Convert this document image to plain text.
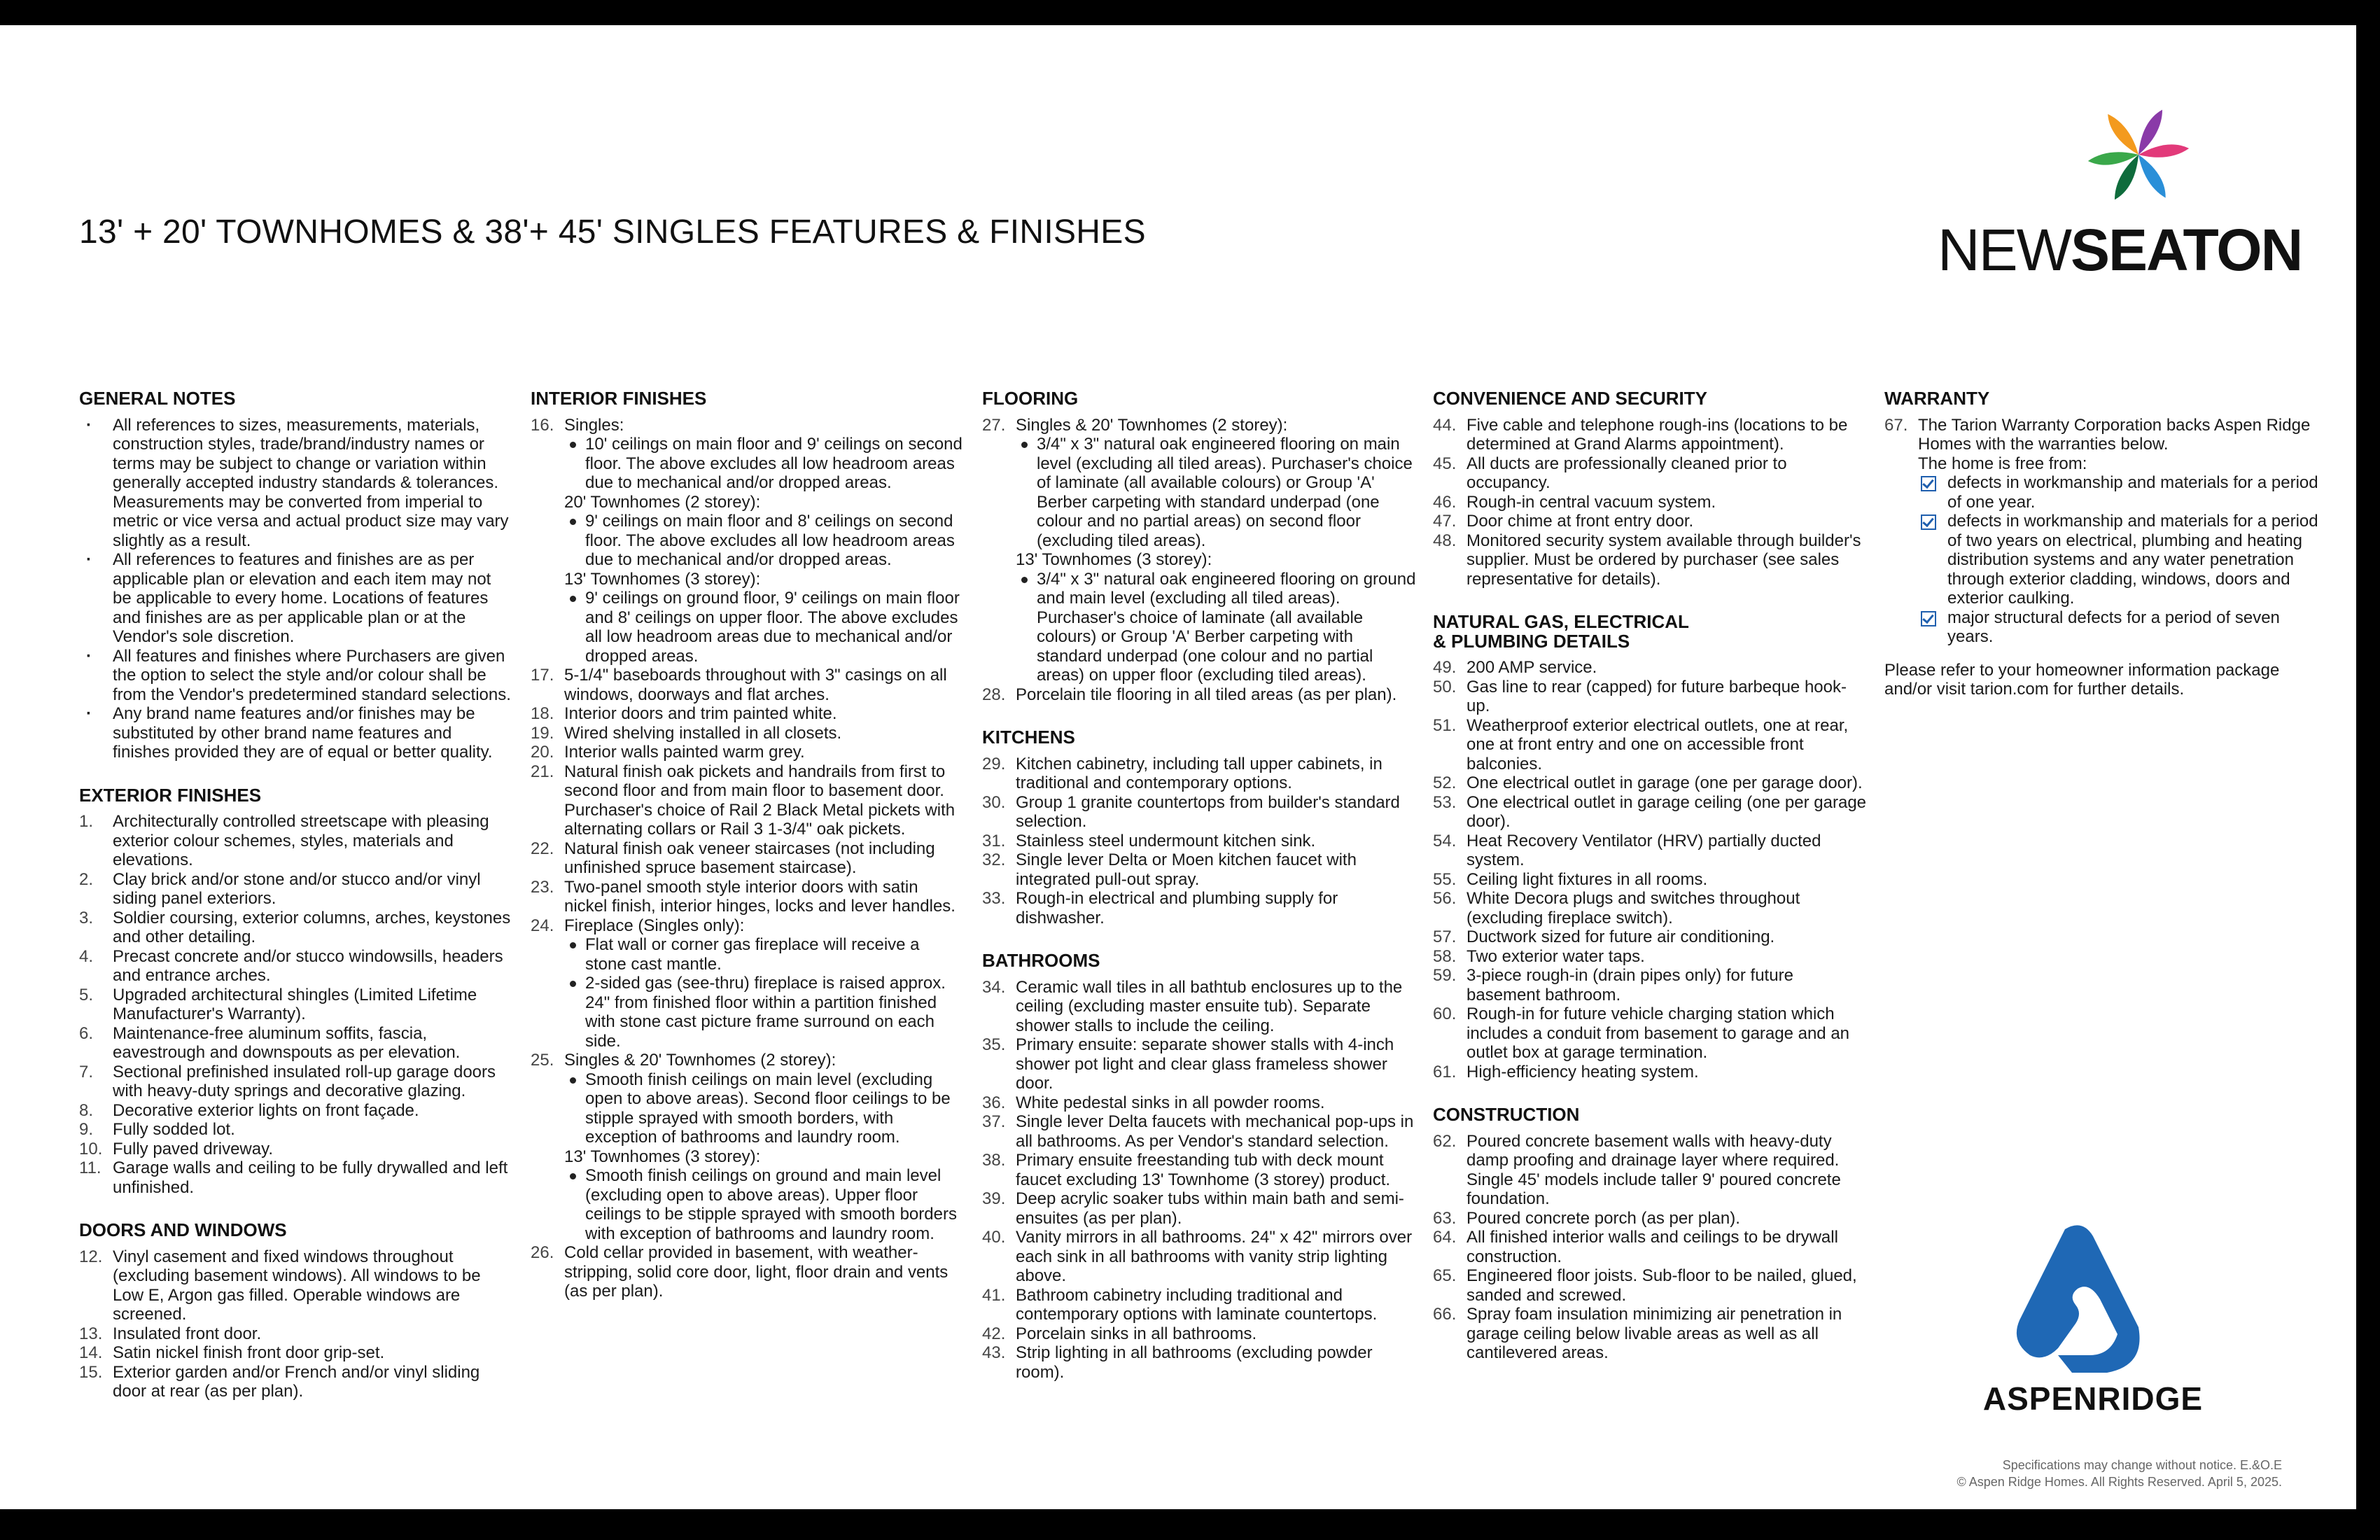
13' + 20' TOWNHOMES & 38'+ 45' SINGLES FEATURES & FINISHES	NEWSEATON
ASPENRIDGE
GENERAL NOTES
· All references to sizes, measurements, materials, construction styles, trade/brand/industry names or terms may be subject to change or variation within generally accepted industry standards & tolerances. Measurements may be converted from imperial to metric or vice versa and actual product size may vary slightly as a result.
· All references to features and finishes are as per applicable plan or elevation and each item may not be applicable to every home. Locations of features and finishes are as per applicable plan or at the Vendor's sole discretion.
· All features and finishes where Purchasers are given the option to select the style and/or colour shall be from the Vendor's predetermined standard selections.
· Any brand name features and/or finishes may be substituted by other brand name features and finishes provided they are of equal or better quality.
EXTERIOR FINISHES
1. Architecturally controlled streetscape with pleasing exterior colour schemes, styles, materials and elevations.
2. Clay brick and/or stone and/or stucco and/or vinyl siding panel exteriors.
3. Soldier coursing, exterior columns, arches, keystones and other detailing.
4. Precast concrete and/or stucco windowsills, headers and entrance arches.
5. Upgraded architectural shingles (Limited Lifetime Manufacturer's Warranty).
6. Maintenance-free aluminum soffits, fascia, eavestrough and downspouts as per elevation.
7. Sectional prefinished insulated roll-up garage doors with heavy-duty springs and decorative glazing.
8. Decorative exterior lights on front façade.
9. Fully sodded lot.
10. Fully paved driveway.
11. Garage walls and ceiling to be fully drywalled and left unfinished.
DOORS AND WINDOWS
12. Vinyl casement and fixed windows throughout (excluding basement windows). All windows to be Low E, Argon gas filled. Operable windows are screened.
13. Insulated front door.
14. Satin nickel finish front door grip-set.
15. Exterior garden and/or French and/or vinyl sliding door at rear (as per plan).
INTERIOR FINISHES
16. Singles:
10' ceilings on main floor and 9' ceilings on second floor. The above excludes all low headroom areas due to mechanical and/or dropped areas.
20' Townhomes (2 storey):
9' ceilings on main floor and 8' ceilings on second floor. The above excludes all low headroom areas due to mechanical and/or dropped areas.
13' Townhomes (3 storey):
9' ceilings on ground floor, 9' ceilings on main floor and 8' ceilings on upper floor. The above excludes all low headroom areas due to mechanical and/or dropped areas.
17. 5-1/4" baseboards throughout with 3" casings on all windows, doorways and flat arches.
18. Interior doors and trim painted white.
19. Wired shelving installed in all closets.
20. Interior walls painted warm grey.
21. Natural finish oak pickets and handrails from first to second floor and from main floor to basement door. Purchaser's choice of Rail 2 Black Metal pickets with alternating collars or Rail 3 1-3/4" oak pickets.
22. Natural finish oak veneer staircases (not including unfinished spruce basement staircase).
23. Two-panel smooth style interior doors with satin nickel finish, interior hinges, locks and lever handles.
24. Fireplace (Singles only):
Flat wall or corner gas fireplace will receive a stone cast mantle.
2-sided gas (see-thru) fireplace is raised approx. 24" from finished floor within a partition finished with stone cast picture frame surround on each side.
25. Singles & 20' Townhomes (2 storey):
Smooth finish ceilings on main level (excluding open to above areas). Second floor ceilings to be stipple sprayed with smooth borders, with exception of bathrooms and laundry room.
13' Townhomes (3 storey):
Smooth finish ceilings on ground and main level (excluding open to above areas). Upper floor ceilings to be stipple sprayed with smooth borders with exception of bathrooms and laundry room.
26. Cold cellar provided in basement, with weather-stripping, solid core door, light, floor drain and vents (as per plan).
FLOORING
27. Singles & 20' Townhomes (2 storey):
3/4" x 3" natural oak engineered flooring on main level (excluding all tiled areas). Purchaser's choice of laminate (all available colours) or Group 'A' Berber carpeting with standard underpad (one colour and no partial areas) on second floor (excluding tiled areas).
13' Townhomes (3 storey):
3/4" x 3" natural oak engineered flooring on ground and main level (excluding all tiled areas). Purchaser's choice of laminate (all available colours) or Group 'A' Berber carpeting with standard underpad (one colour and no partial areas) on upper floor (excluding tiled areas).
28. Porcelain tile flooring in all tiled areas (as per plan).
KITCHENS
29. Kitchen cabinetry, including tall upper cabinets, in traditional and contemporary options.
30. Group 1 granite countertops from builder's standard selection.
31. Stainless steel undermount kitchen sink.
32. Single lever Delta or Moen kitchen faucet with integrated pull-out spray.
33. Rough-in electrical and plumbing supply for dishwasher.
BATHROOMS
34. Ceramic wall tiles in all bathtub enclosures up to the ceiling (excluding master ensuite tub). Separate shower stalls to include the ceiling.
35. Primary ensuite: separate shower stalls with 4-inch shower pot light and clear glass frameless shower door.
36. White pedestal sinks in all powder rooms.
37. Single lever Delta faucets with mechanical pop-ups in all bathrooms. As per Vendor's standard selection.
38. Primary ensuite freestanding tub with deck mount faucet excluding 13' Townhome (3 storey) product.
39. Deep acrylic soaker tubs within main bath and semi-ensuites (as per plan).
40. Vanity mirrors in all bathrooms. 24" x 42" mirrors over each sink in all bathrooms with vanity strip lighting above.
41. Bathroom cabinetry including traditional and contemporary options with laminate countertops.
42. Porcelain sinks in all bathrooms.
43. Strip lighting in all bathrooms (excluding powder room).
CONVENIENCE AND SECURITY
44. Five cable and telephone rough-ins (locations to be determined at Grand Alarms appointment).
45. All ducts are professionally cleaned prior to occupancy.
46. Rough-in central vacuum system.
47. Door chime at front entry door.
48. Monitored security system available through builder's supplier. Must be ordered by purchaser (see sales representative for details).
NATURAL GAS, ELECTRICAL
& PLUMBING DETAILS
49. 200 AMP service.
50. Gas line to rear (capped) for future barbeque hook-up.
51. Weatherproof exterior electrical outlets, one at rear, one at front entry and one on accessible front balconies.
52. One electrical outlet in garage (one per garage door).
53. One electrical outlet in garage ceiling (one per garage door).
54. Heat Recovery Ventilator (HRV) partially ducted system.
55. Ceiling light fixtures in all rooms.
56. White Decora plugs and switches throughout (excluding fireplace switch).
57. Ductwork sized for future air conditioning.
58. Two exterior water taps.
59. 3-piece rough-in (drain pipes only) for future basement bathroom.
60. Rough-in for future vehicle charging station which includes a conduit from basement to garage and an outlet box at garage termination.
61. High-efficiency heating system.
CONSTRUCTION
62. Poured concrete basement walls with heavy-duty damp proofing and drainage layer where required. Single 45' models include taller 9' poured concrete foundation.
63. Poured concrete porch (as per plan).
64. All finished interior walls and ceilings to be drywall construction.
65. Engineered floor joists. Sub-floor to be nailed, glued, sanded and screwed.
66. Spray foam insulation minimizing air penetration in garage ceiling below livable areas as well as all cantilevered areas.
WARRANTY
67. The Tarion Warranty Corporation backs Aspen Ridge Homes with the warranties below.
The home is free from:
defects in workmanship and materials for a period of one year.
defects in workmanship and materials for a period of two years on electrical, plumbing and heating distribution systems and any water penetration through exterior cladding, windows, doors and exterior caulking.
major structural defects for a period of seven years.
Please refer to your homeowner information package and/or visit tarion.com for further details.
Specifications may change without notice. E.&O.E
© Aspen Ridge Homes. All Rights Reserved. April 5, 2025.
